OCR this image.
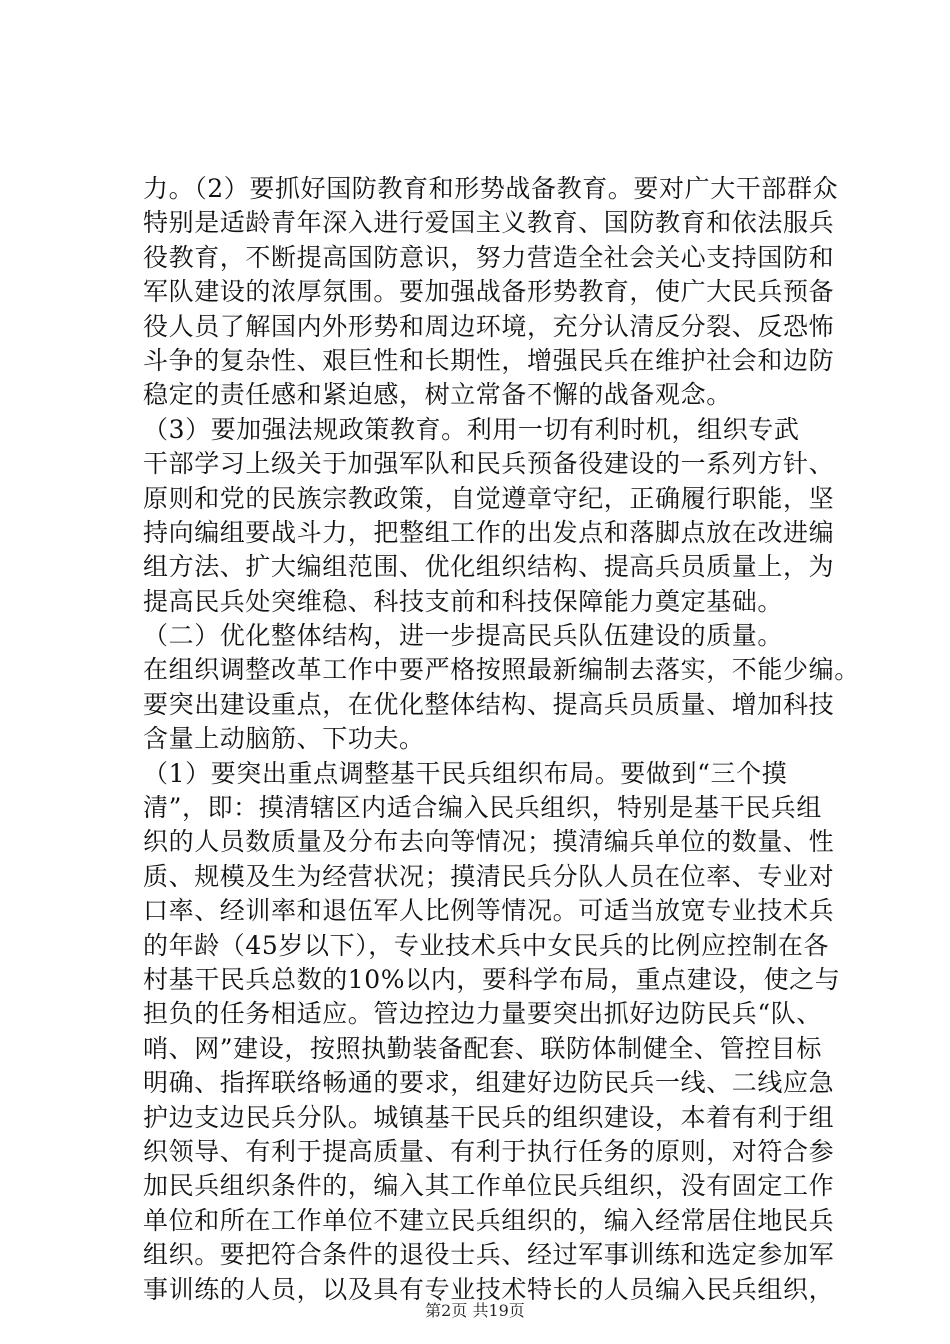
力。（2）要抓好国防教育和形势战备教育。要对广大干部群众
特别是适龄青年深入进行爱国主义教育、国防教育和依法服兵
役教育，不断提高国防意识，努力营造全社会关心支持国防和
军队建设的浓厚氛围。要加强战备形势教育，使广大民兵预备
役人员了解国内外形势和周边环境，充分认清反分裂、反恐怖
斗争的复杂性、艰巨性和长期性，增强民兵在维护社会和边防
稳定的责任感和紧迫感，树立常备不懈的战备观念。
（3）要加强法规政策教育。利用一切有利时机，组织专武
干部学习上级关于加强军队和民兵预备役建设的一系列方针、
原则和党的民族宗教政策，自觉遵章守纪，正确履行职能，坚
持向编组要战斗力，把整组工作的出发点和落脚点放在改进编
组方法、扩大编组范围、优化组织结构、提高兵员质量上，为
提高民兵处突维稳、科技支前和科技保障能力奠定基础。
（二）优化整体结构，进一步提高民兵队伍建设的质量。
在组织调整改革工作中要严格按照最新编制去落实，不能少编。
要突出建设重点，在优化整体结构、提高兵员质量、增加科技
含量上动脑筋、下功夫。
（1）要突出重点调整基干民兵组织布局。要做到“三个摸
清”，即：摸清辖区内适合编入民兵组织，特别是基干民兵组
织的人员数质量及分布去向等情况；摸清编兵单位的数量、性
质、规模及生为经营状况；摸清民兵分队人员在位率、专业对
口率、经训率和退伍军人比例等情况。可适当放宽专业技术兵
的年龄（45岁以下），专业技术兵中女民兵的比例应控制在各
村基干民兵总数的10%以内，要科学布局，重点建设，使之与
担负的任务相适应。管边控边力量要突出抓好边防民兵“队、
哨、网”建设，按照执勤装备配套、联防体制健全、管控目标
明确、指挥联络畅通的要求，组建好边防民兵一线、二线应急
护边支边民兵分队。城镇基干民兵的组织建设，本着有利于组
织领导、有利于提高质量、有利于执行任务的原则，对符合参
加民兵组织条件的，编入其工作单位民兵组织，没有固定工作
单位和所在工作单位不建立民兵组织的，编入经常居住地民兵
组织。要把符合条件的退役士兵、经过军事训练和选定参加军
事训练的人员，以及具有专业技术特长的人员编入民兵组织，
第2页 共19页
